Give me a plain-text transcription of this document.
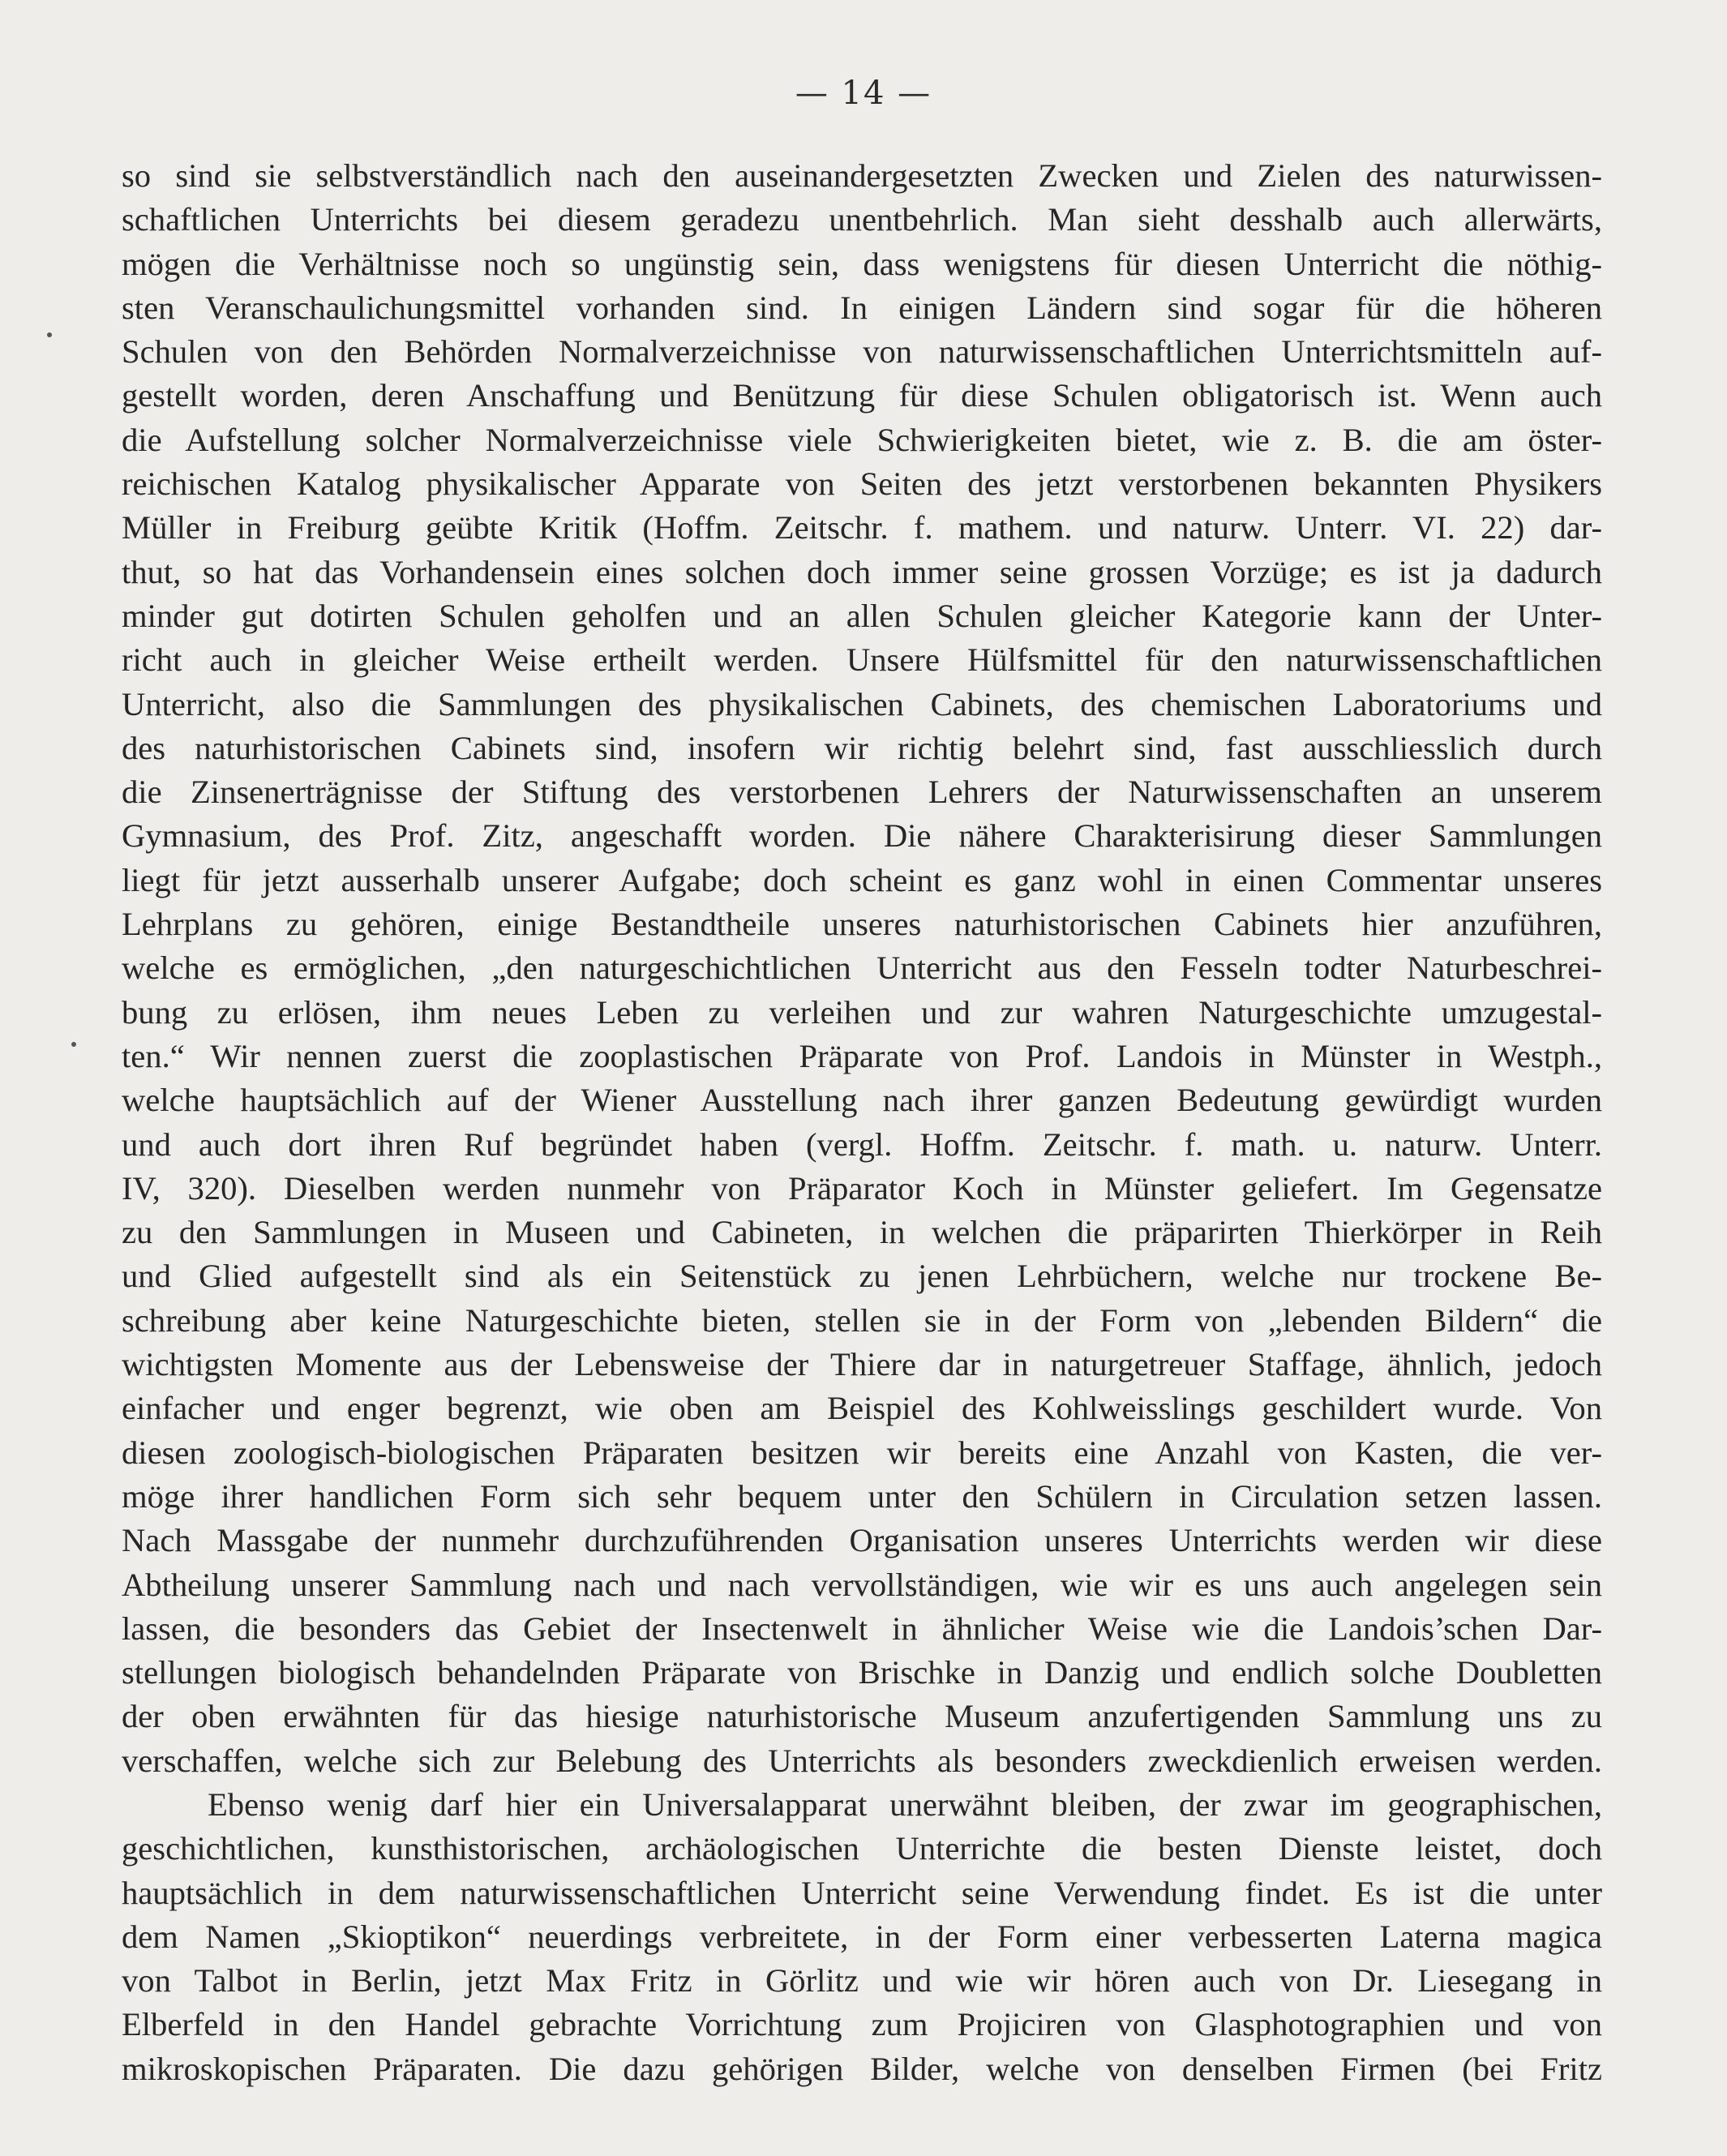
— 14 —
so sind sie selbstverständlich nach den auseinandergesetzten Zwecken und Zielen des naturwissen-
schaftlichen Unterrichts bei diesem geradezu unentbehrlich. Man sieht desshalb auch allerwärts,
mögen die Verhältnisse noch so ungünstig sein, dass wenigstens für diesen Unterricht die nöthig-
sten Veranschaulichungsmittel vorhanden sind. In einigen Ländern sind sogar für die höheren
Schulen von den Behörden Normalverzeichnisse von naturwissenschaftlichen Unterrichtsmitteln auf-
gestellt worden, deren Anschaffung und Benützung für diese Schulen obligatorisch ist. Wenn auch
die Aufstellung solcher Normalverzeichnisse viele Schwierigkeiten bietet, wie z. B. die am öster-
reichischen Katalog physikalischer Apparate von Seiten des jetzt verstorbenen bekannten Physikers
Müller in Freiburg geübte Kritik (Hoffm. Zeitschr. f. mathem. und naturw. Unterr. VI. 22) dar-
thut, so hat das Vorhandensein eines solchen doch immer seine grossen Vorzüge; es ist ja dadurch
minder gut dotirten Schulen geholfen und an allen Schulen gleicher Kategorie kann der Unter-
richt auch in gleicher Weise ertheilt werden. Unsere Hülfsmittel für den naturwissenschaftlichen
Unterricht, also die Sammlungen des physikalischen Cabinets, des chemischen Laboratoriums und
des naturhistorischen Cabinets sind, insofern wir richtig belehrt sind, fast ausschliesslich durch
die Zinsenerträgnisse der Stiftung des verstorbenen Lehrers der Naturwissenschaften an unserem
Gymnasium, des Prof. Zitz, angeschafft worden. Die nähere Charakterisirung dieser Sammlungen
liegt für jetzt ausserhalb unserer Aufgabe; doch scheint es ganz wohl in einen Commentar unseres
Lehrplans zu gehören, einige Bestandtheile unseres naturhistorischen Cabinets hier anzuführen,
welche es ermöglichen, „den naturgeschichtlichen Unterricht aus den Fesseln todter Naturbeschrei-
bung zu erlösen, ihm neues Leben zu verleihen und zur wahren Naturgeschichte umzugestal-
ten.“ Wir nennen zuerst die zooplastischen Präparate von Prof. Landois in Münster in Westph.,
welche hauptsächlich auf der Wiener Ausstellung nach ihrer ganzen Bedeutung gewürdigt wurden
und auch dort ihren Ruf begründet haben (vergl. Hoffm. Zeitschr. f. math. u. naturw. Unterr.
IV, 320). Dieselben werden nunmehr von Präparator Koch in Münster geliefert. Im Gegensatze
zu den Sammlungen in Museen und Cabineten, in welchen die präparirten Thierkörper in Reih
und Glied aufgestellt sind als ein Seitenstück zu jenen Lehrbüchern, welche nur trockene Be-
schreibung aber keine Naturgeschichte bieten, stellen sie in der Form von „lebenden Bildern“ die
wichtigsten Momente aus der Lebensweise der Thiere dar in naturgetreuer Staffage, ähnlich, jedoch
einfacher und enger begrenzt, wie oben am Beispiel des Kohlweisslings geschildert wurde. Von
diesen zoologisch-biologischen Präparaten besitzen wir bereits eine Anzahl von Kasten, die ver-
möge ihrer handlichen Form sich sehr bequem unter den Schülern in Circulation setzen lassen.
Nach Massgabe der nunmehr durchzuführenden Organisation unseres Unterrichts werden wir diese
Abtheilung unserer Sammlung nach und nach vervollständigen, wie wir es uns auch angelegen sein
lassen, die besonders das Gebiet der Insectenwelt in ähnlicher Weise wie die Landois’schen Dar-
stellungen biologisch behandelnden Präparate von Brischke in Danzig und endlich solche Doubletten
der oben erwähnten für das hiesige naturhistorische Museum anzufertigenden Sammlung uns zu
verschaffen, welche sich zur Belebung des Unterrichts als besonders zweckdienlich erweisen werden.
Ebenso wenig darf hier ein Universalapparat unerwähnt bleiben, der zwar im geographischen,
geschichtlichen, kunsthistorischen, archäologischen Unterrichte die besten Dienste leistet, doch
hauptsächlich in dem naturwissenschaftlichen Unterricht seine Verwendung findet. Es ist die unter
dem Namen „Skioptikon“ neuerdings verbreitete, in der Form einer verbesserten Laterna magica
von Talbot in Berlin, jetzt Max Fritz in Görlitz und wie wir hören auch von Dr. Liesegang in
Elberfeld in den Handel gebrachte Vorrichtung zum Projiciren von Glasphotographien und von
mikroskopischen Präparaten. Die dazu gehörigen Bilder, welche von denselben Firmen (bei Fritz
